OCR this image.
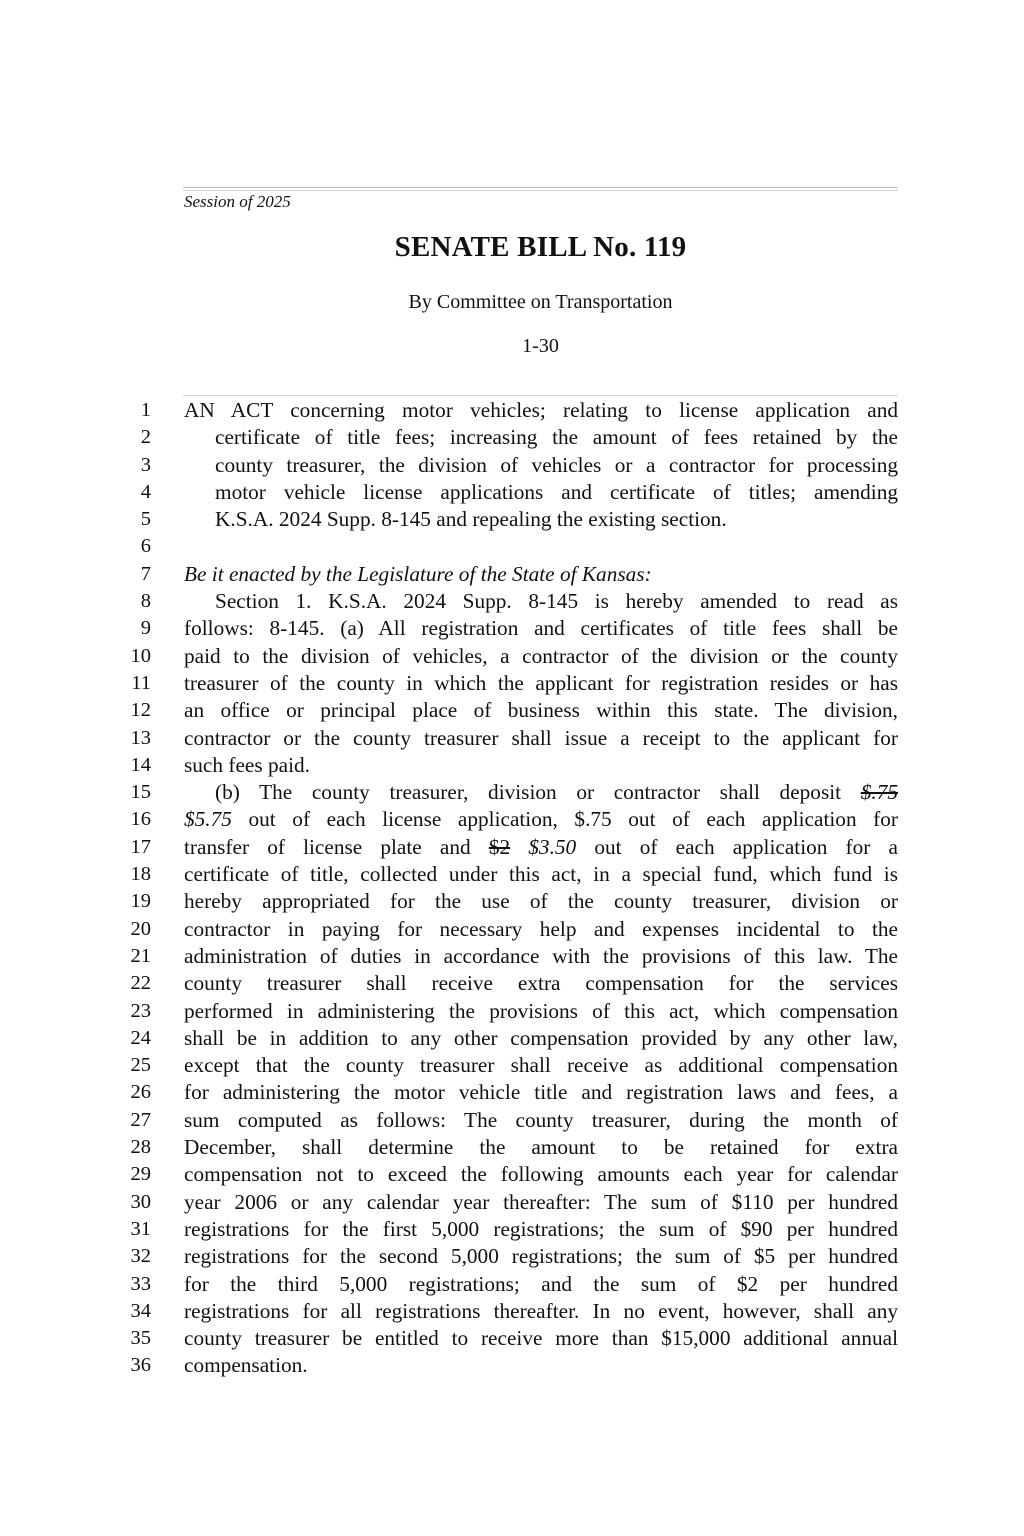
Session of 2025
SENATE BILL No. 119
By Committee on Transportation
1-30
1 AN ACT concerning motor vehicles; relating to license application and
2	certificate of title fees; increasing the amount of fees retained by the
3	county treasurer, the division of vehicles or a contractor for processing
4	motor vehicle license applications and certificate of titles; amending
5	K.S.A. 2024 Supp. 8-145 and repealing the existing section.
6
7 Be it enacted by the Legislature of the State of Kansas:
8	Section 1. K.S.A. 2024 Supp. 8-145 is hereby amended to read as
9 follows: 8-145. (a) All registration and certificates of title fees shall be
10 paid to the division of vehicles, a contractor of the division or the county
11 treasurer of the county in which the applicant for registration resides or has
12 an office or principal place of business within this state. The division,
13 contractor or the county treasurer shall issue a receipt to the applicant for
14 such fees paid.
15	(b) The county treasurer, division or contractor shall deposit $.75
16 $5.75 out of each license application, $.75 out of each application for
17 transfer of license plate and $2 $3.50 out of each application for a
18 certificate of title, collected under this act, in a special fund, which fund is
19 hereby appropriated for the use of the county treasurer, division or
20 contractor in paying for necessary help and expenses incidental to the
21 administration of duties in accordance with the provisions of this law. The
22 county treasurer shall receive extra compensation for the services
23 performed in administering the provisions of this act, which compensation
24 shall be in addition to any other compensation provided by any other law,
25 except that the county treasurer shall receive as additional compensation
26 for administering the motor vehicle title and registration laws and fees, a
27 sum computed as follows: The county treasurer, during the month of
28 December, shall determine the amount to be retained for extra
29 compensation not to exceed the following amounts each year for calendar
30 year 2006 or any calendar year thereafter: The sum of $110 per hundred
31 registrations for the first 5,000 registrations; the sum of $90 per hundred
32 registrations for the second 5,000 registrations; the sum of $5 per hundred
33 for the third 5,000 registrations; and the sum of $2 per hundred
34 registrations for all registrations thereafter. In no event, however, shall any
35 county treasurer be entitled to receive more than $15,000 additional annual
36 compensation.
